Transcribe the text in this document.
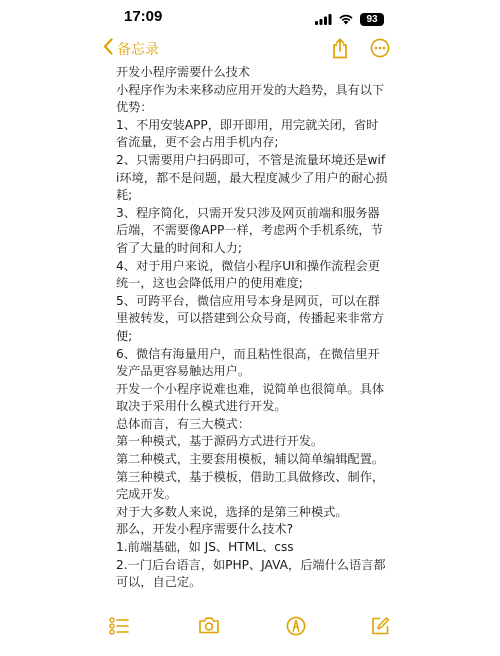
17:09	93
备忘录
开发小程序需要什么技术
小程序作为未来移动应用开发的大趋势，具有以下优势：
1、不用安装APP，即开即用，用完就关闭，省时省流量，更不会占用手机内存;
2、只需要用户扫码即可，不管是流量环境还是wifi环境，都不是问题，最大程度减少了用户的耐心损耗;
3、程序简化，只需开发只涉及网页前端和服务器后端，不需要像APP一样，考虑两个手机系统，节省了大量的时间和人力;
4、对于用户来说，微信小程序UI和操作流程会更统一，这也会降低用户的使用难度;
5、可跨平台，微信应用号本身是网页，可以在群里被转发，可以搭建到公众号商，传播起来非常方便;
6、微信有海量用户，而且粘性很高，在微信里开发产品更容易触达用户。
开发一个小程序说难也难，说简单也很简单。具体取决于采用什么模式进行开发。
总体而言，有三大模式：
第一种模式，基于源码方式进行开发。
第二种模式，主要套用模板，辅以简单编辑配置。
第三种模式，基于模板，借助工具做修改、制作，完成开发。
对于大多数人来说，选择的是第三种模式。
那么，开发小程序需要什么技术?
1.前端基础，如 JS、HTML、css
2.一门后台语言，如PHP、JAVA，后端什么语言都可以，自己定。
